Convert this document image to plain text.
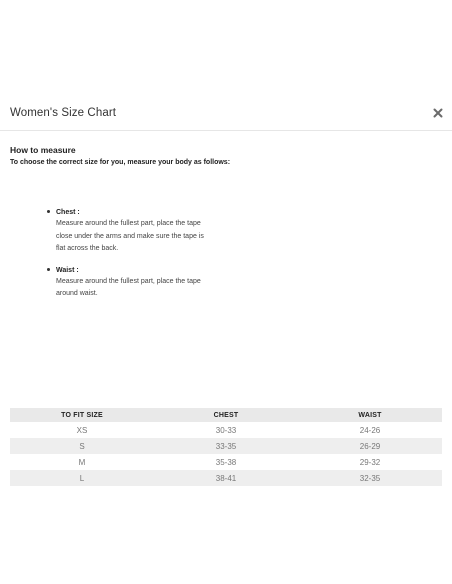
Women's Size Chart
How to measure
To choose the correct size for you, measure your body as follows:
Chest :
Measure around the fullest part, place the tape close under the arms and make sure the tape is flat across the back.
Waist :
Measure around the fullest part, place the tape around waist.
TO FIT SIZE	CHEST	WAIST
XS	30-33	24-26
S	33-35	26-29
M	35-38	29-32
L	38-41	32-35
